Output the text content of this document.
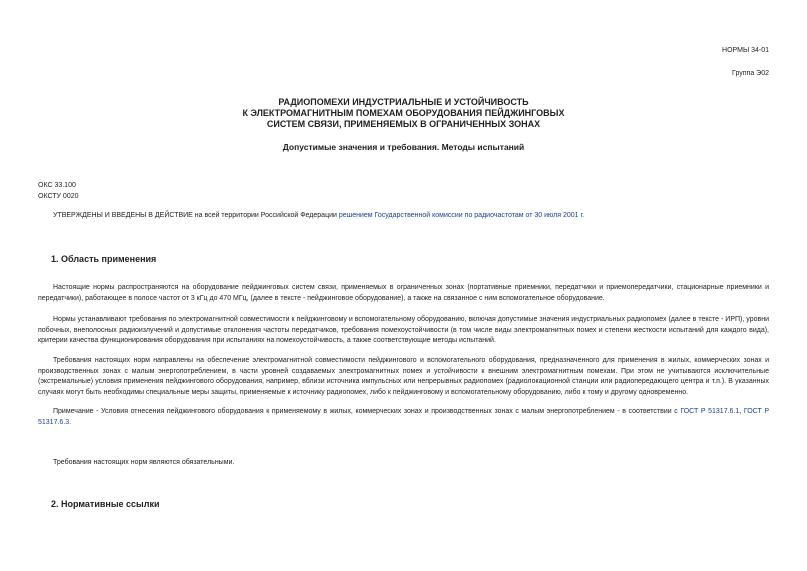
НОРМЫ 34-01
Группа Э02
РАДИОПОМЕХИ ИНДУСТРИАЛЬНЫЕ И УСТОЙЧИВОСТЬ
К ЭЛЕКТРОМАГНИТНЫМ ПОМЕХАМ ОБОРУДОВАНИЯ ПЕЙДЖИНГОВЫХ
СИСТЕМ СВЯЗИ, ПРИМЕНЯЕМЫХ В ОГРАНИЧЕННЫХ ЗОНАХ
Допустимые значения и требования. Методы испытаний
ОКС 33.100
ОКСТУ 0020
УТВЕРЖДЕНЫ И ВВЕДЕНЫ В ДЕЙСТВИЕ на всей территории Российской Федерации решением Государственной комиссии по радиочастотам от 30 июля 2001 г.
1. Область применения
Настоящие нормы распространяются на оборудование пейджинговых систем связи, применяемых в ограниченных зонах (портативные приемники, передатчики и приемопередатчики, стационарные приемники и передатчики), работающее в полосе частот от 3 кГц до 470 МГц, (далее в тексте - пейджинговое оборудование), а также на связанное с ним вспомогательное оборудование.
Нормы устанавливают требования по электромагнитной совместимости к пейджинговому и вспомогательному оборудованию, включая допустимые значения индустриальных радиопомех (далее в тексте - ИРП), уровни побочных, внеполосных радиоизлучений и допустимые отклонения частоты передатчиков, требования помехоустойчивости (в том числе виды электромагнитных помех и степени жесткости испытаний для каждого вида), критерии качества функционирования оборудования при испытаниях на помехоустойчивость, а также соответствующие методы испытаний.
Требования настоящих норм направлены на обеспечение электромагнитной совместимости пейджингового и вспомогательного оборудования, предназначенного для применения в жилых, коммерческих зонах и производственных зонах с малым энергопотреблением, в части уровней создаваемых электромагнитных помех и устойчивости к внешним электромагнитным помехам. При этом не учитываются исключительные (экстремальные) условия применения пейджингового оборудования, например, вблизи источника импульсных или непрерывных радиопомех (радиолокационной станции или радиопередающего центра и т.п.). В указанных случаях могут быть необходимы специальные меры защиты, применяемые к источнику радиопомех, либо к пейджинговому и вспомогательному оборудованию, либо к тому и другому одновременно.
Примечание - Условия отнесения пейджингового оборудования к применяемому в жилых, коммерческих зонах и производственных зонах с малым энергопотреблением - в соответствии с ГОСТ Р 51317.6.1, ГОСТ Р 51317.6.3.
Требования настоящих норм являются обязательными.
2. Нормативные ссылки
